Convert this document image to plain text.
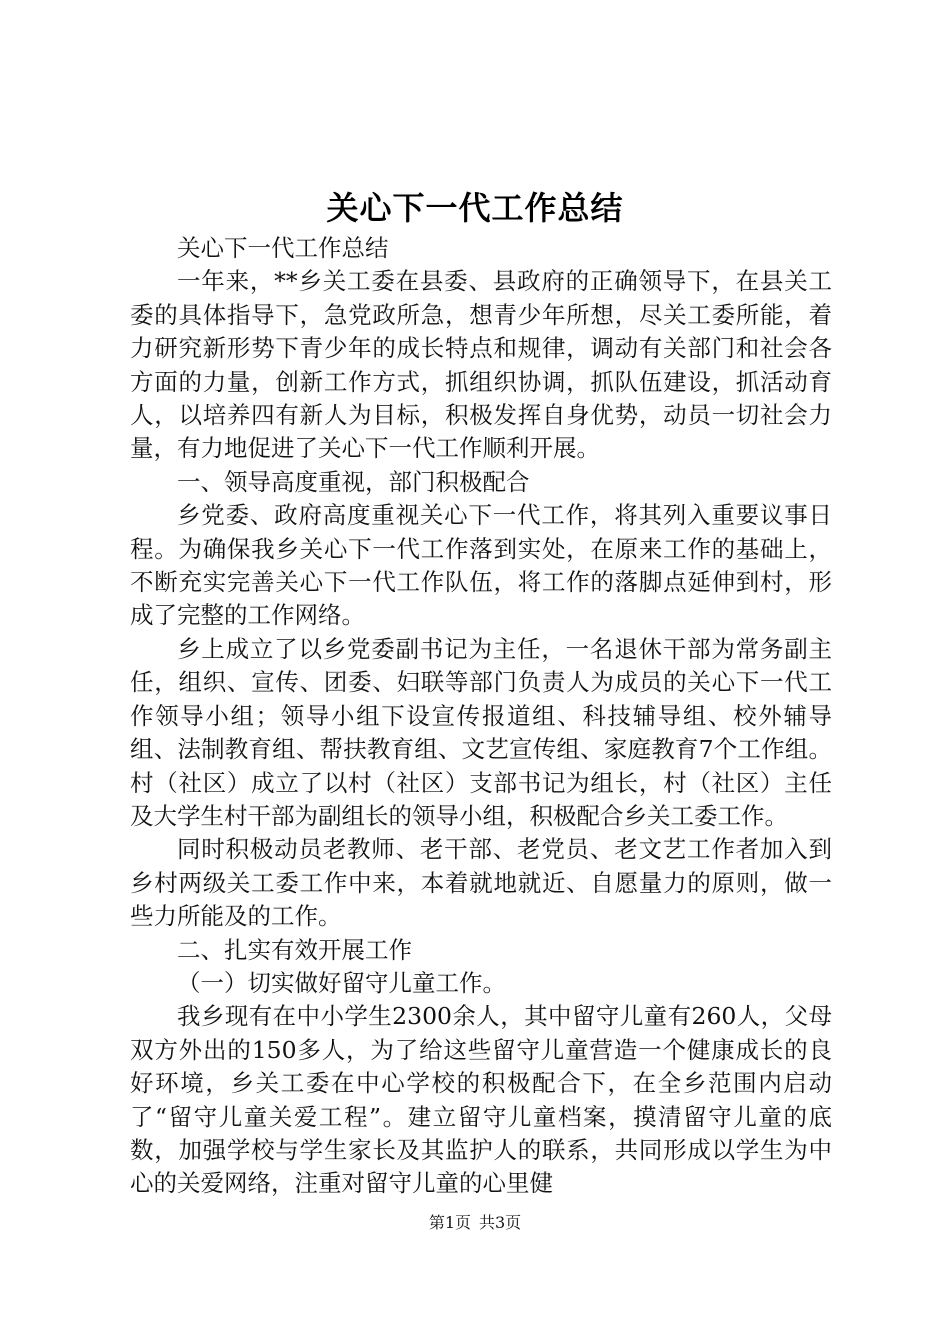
关心下一代工作总结

关心下一代工作总结

一年来，**乡关工委在县委、县政府的正确领导下，在县关工委的具体指导下，急党政所急，想青少年所想，尽关工委所能，着力研究新形势下青少年的成长特点和规律，调动有关部门和社会各方面的力量，创新工作方式，抓组织协调，抓队伍建设，抓活动育人，以培养四有新人为目标，积极发挥自身优势，动员一切社会力量，有力地促进了关心下一代工作顺利开展。

一、领导高度重视，部门积极配合

乡党委、政府高度重视关心下一代工作，将其列入重要议事日程。为确保我乡关心下一代工作落到实处，在原来工作的基础上，不断充实完善关心下一代工作队伍，将工作的落脚点延伸到村，形成了完整的工作网络。

乡上成立了以乡党委副书记为主任，一名退休干部为常务副主任，组织、宣传、团委、妇联等部门负责人为成员的关心下一代工作领导小组；领导小组下设宣传报道组、科技辅导组、校外辅导组、法制教育组、帮扶教育组、文艺宣传组、家庭教育7个工作组。村（社区）成立了以村（社区）支部书记为组长，村（社区）主任及大学生村干部为副组长的领导小组，积极配合乡关工委工作。

同时积极动员老教师、老干部、老党员、老文艺工作者加入到乡村两级关工委工作中来，本着就地就近、自愿量力的原则，做一些力所能及的工作。

二、扎实有效开展工作

（一）切实做好留守儿童工作。

我乡现有在中小学生2300余人，其中留守儿童有260人，父母双方外出的150多人，为了给这些留守儿童营造一个健康成长的良好环境，乡关工委在中心学校的积极配合下，在全乡范围内启动了“留守儿童关爱工程”。建立留守儿童档案，摸清留守儿童的底数，加强学校与学生家长及其监护人的联系，共同形成以学生为中心的关爱网络，注重对留守儿童的心里健

第1页 共3页
